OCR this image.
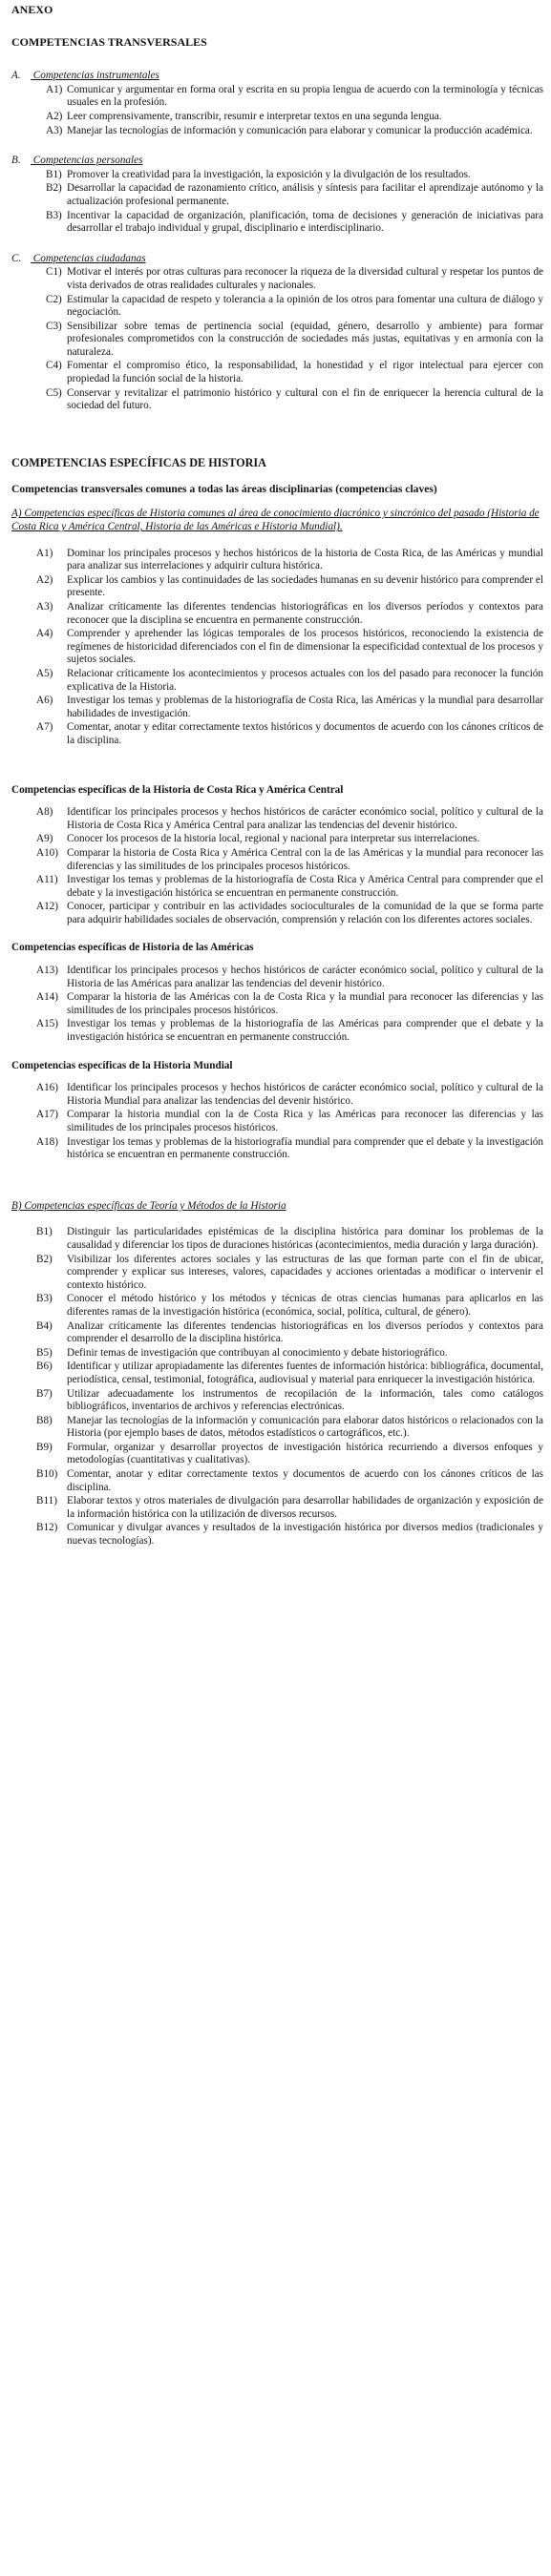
ANEXO
COMPETENCIAS TRANSVERSALES
A. Competencias instrumentales
A1) Comunicar y argumentar en forma oral y escrita en su propia lengua de acuerdo con la terminología y técnicas usuales en la profesión.
A2) Leer comprensivamente, transcribir, resumir e interpretar textos en una segunda lengua.
A3) Manejar las tecnologías de información y comunicación para elaborar y comunicar la producción académica.
B. Competencias personales
B1) Promover la creatividad para la investigación, la exposición y la divulgación de los resultados.
B2) Desarrollar la capacidad de razonamiento crítico, análisis y síntesis para facilitar el aprendizaje autónomo y la actualización profesional permanente.
B3) Incentivar la capacidad de organización, planificación, toma de decisiones y generación de iniciativas para desarrollar el trabajo individual y grupal, disciplinario e interdisciplinario.
C. Competencias ciudadanas
C1) Motivar el interés por otras culturas para reconocer la riqueza de la diversidad cultural y respetar los puntos de vista derivados de otras realidades culturales y nacionales.
C2) Estimular la capacidad de respeto y tolerancia a la opinión de los otros para fomentar una cultura de diálogo y negociación.
C3) Sensibilizar sobre temas de pertinencia social (equidad, género, desarrollo y ambiente) para formar profesionales comprometidos con la construcción de sociedades más justas, equitativas y en armonía con la naturaleza.
C4) Fomentar el compromiso ético, la responsabilidad, la honestidad y el rigor intelectual para ejercer con propiedad la función social de la historia.
C5) Conservar y revitalizar el patrimonio histórico y cultural con el fin de enriquecer la herencia cultural de la sociedad del futuro.
COMPETENCIAS ESPECÍFICAS DE HISTORIA
Competencias transversales comunes a todas las áreas disciplinarias (competencias claves)
A) Competencias específicas de Historia comunes al área de conocimiento diacrónico y sincrónico del pasado (Historia de Costa Rica y América Central, Historia de las Américas e Historia Mundial).
A1) Dominar los principales procesos y hechos históricos de la historia de Costa Rica, de las Américas y mundial para analizar sus interrelaciones y adquirir cultura histórica.
A2) Explicar los cambios y las continuidades de las sociedades humanas en su devenir histórico para comprender el presente.
A3) Analizar críticamente las diferentes tendencias historiográficas en los diversos períodos y contextos para reconocer que la disciplina se encuentra en permanente construcción.
A4) Comprender y aprehender las lógicas temporales de los procesos históricos, reconociendo la existencia de regímenes de historicidad diferenciados con el fin de dimensionar la especificidad contextual de los procesos y sujetos sociales.
A5) Relacionar críticamente los acontecimientos y procesos actuales con los del pasado para reconocer la función explicativa de la Historia.
A6) Investigar los temas y problemas de la historiografía de Costa Rica, las Américas y la mundial para desarrollar habilidades de investigación.
A7) Comentar, anotar y editar correctamente textos históricos y documentos de acuerdo con los cánones críticos de la disciplina.
Competencias específicas de la Historia de Costa Rica y América Central
A8) Identificar los principales procesos y hechos históricos de carácter económico social, político y cultural de la Historia de Costa Rica y América Central para analizar las tendencias del devenir histórico.
A9) Conocer los procesos de la historia local, regional y nacional para interpretar sus interrelaciones.
A10) Comparar la historia de Costa Rica y América Central con la de las Américas y la mundial para reconocer las diferencias y las similitudes de los principales procesos históricos.
A11) Investigar los temas y problemas de la historiografía de Costa Rica y América Central para comprender que el debate y la investigación histórica se encuentran en permanente construcción.
A12) Conocer, participar y contribuir en las actividades socioculturales de la comunidad de la que se forma parte para adquirir habilidades sociales de observación, comprensión y relación con los diferentes actores sociales.
Competencias específicas de Historia de las Américas
A13) Identificar los principales procesos y hechos históricos de carácter económico social, político y cultural de la Historia de las Américas para analizar las tendencias del devenir histórico.
A14) Comparar la historia de las Américas con la de Costa Rica y la mundial para reconocer las diferencias y las similitudes de los principales procesos históricos.
A15) Investigar los temas y problemas de la historiografía de las Américas para comprender que el debate y la investigación histórica se encuentran en permanente construcción.
Competencias específicas de la Historia Mundial
A16) Identificar los principales procesos y hechos históricos de carácter económico social, político y cultural de la Historia Mundial para analizar las tendencias del devenir histórico.
A17) Comparar la historia mundial con la de Costa Rica y las Américas para reconocer las diferencias y las similitudes de los principales procesos históricos.
A18) Investigar los temas y problemas de la historiografía mundial para comprender que el debate y la investigación histórica se encuentran en permanente construcción.
B) Competencias específicas de Teoría y Métodos de la Historia
B1) Distinguir las particularidades epistémicas de la disciplina histórica para dominar los problemas de la causalidad y diferenciar los tipos de duraciones históricas (acontecimientos, media duración y larga duración).
B2) Visibilizar los diferentes actores sociales y las estructuras de las que forman parte con el fin de ubicar, comprender y explicar sus intereses, valores, capacidades y acciones orientadas a modificar o intervenir el contexto histórico.
B3) Conocer el método histórico y los métodos y técnicas de otras ciencias humanas para aplicarlos en las diferentes ramas de la investigación histórica (económica, social, política, cultural, de género).
B4) Analizar críticamente las diferentes tendencias historiográficas en los diversos períodos y contextos para comprender el desarrollo de la disciplina histórica.
B5) Definir temas de investigación que contribuyan al conocimiento y debate historiográfico.
B6) Identificar y utilizar apropiadamente las diferentes fuentes de información histórica: bibliográfica, documental, periodística, censal, testimonial, fotográfica, audiovisual y material para enriquecer la investigación histórica.
B7) Utilizar adecuadamente los instrumentos de recopilación de la información, tales como catálogos bibliográficos, inventarios de archivos y referencias electrónicas.
B8) Manejar las tecnologías de la información y comunicación para elaborar datos históricos o relacionados con la Historia (por ejemplo bases de datos, métodos estadísticos o cartográficos, etc.).
B9) Formular, organizar y desarrollar proyectos de investigación histórica recurriendo a diversos enfoques y metodologías (cuantitativas y cualitativas).
B10) Comentar, anotar y editar correctamente textos y documentos de acuerdo con los cánones críticos de las disciplina.
B11) Elaborar textos y otros materiales de divulgación para desarrollar habilidades de organización y exposición de la información histórica con la utilización de diversos recursos.
B12) Comunicar y divulgar avances y resultados de la investigación histórica por diversos medios (tradicionales y nuevas tecnologías).
